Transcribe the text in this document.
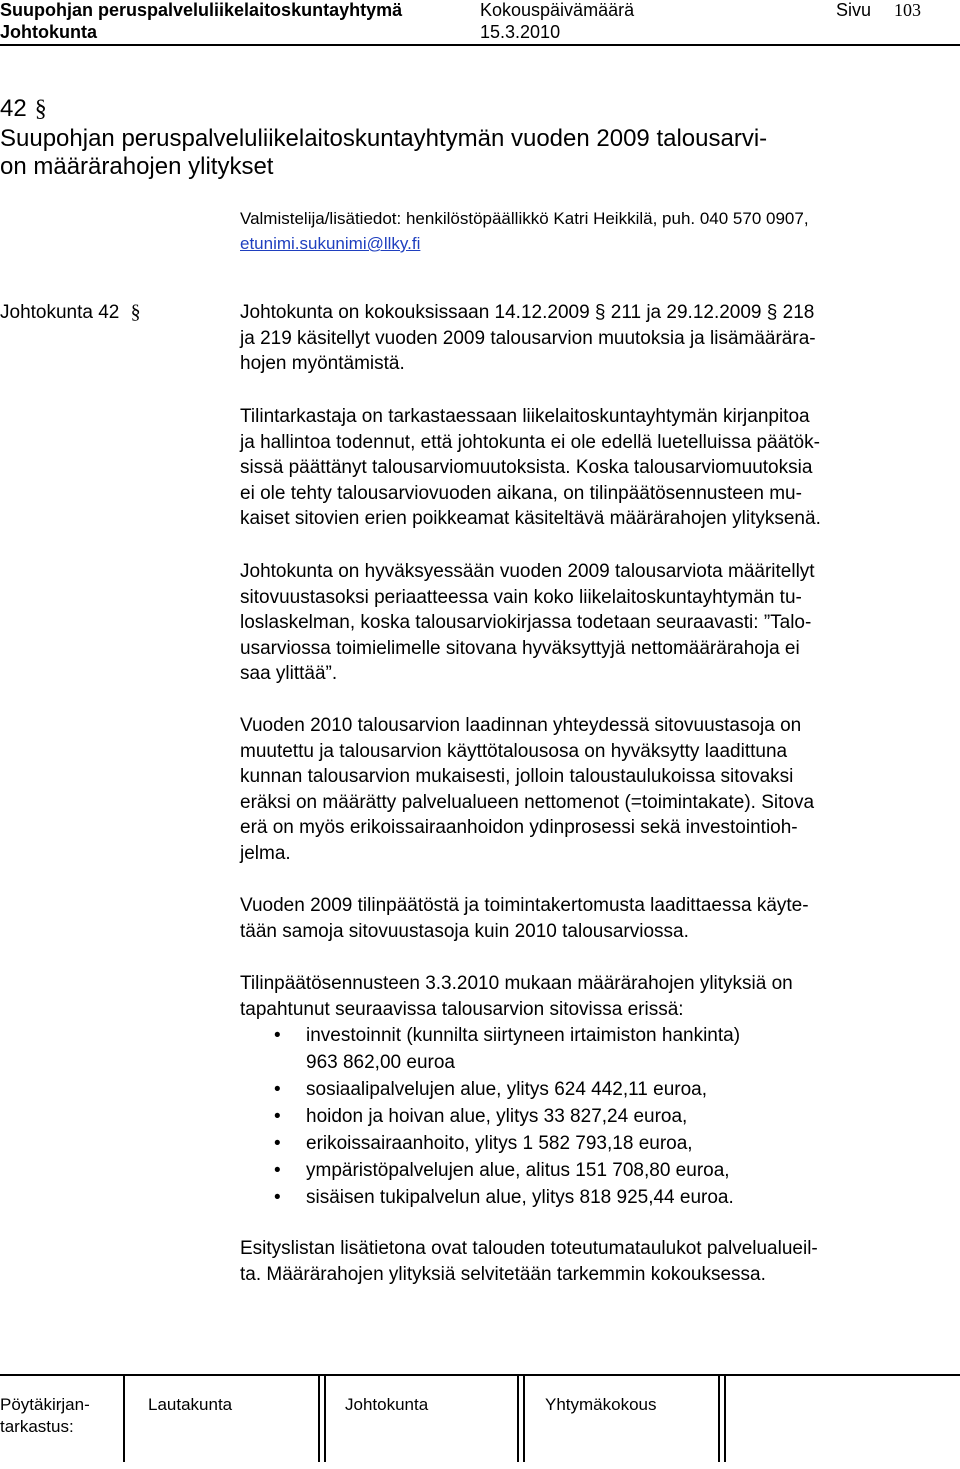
Suupohjan peruspalveluliikelaitoskuntayhtymä	Kokouspäivämäärä	Sivu 103
Johtokunta	15.3.2010
42 §
Suupohjan peruspalveluliikelaitoskuntayhtymän vuoden 2009 talousarvi-
on määrärahojen ylitykset
Valmistelija/lisätiedot: henkilöstöpäällikkö Katri Heikkilä, puh. 040 570 0907,
etunimi.sukunimi@llky.fi
Johtokunta 42 §	Johtokunta on kokouksissaan 14.12.2009 § 211 ja 29.12.2009 § 218

ja 219 käsitellyt vuoden 2009 talousarvion muutoksia ja lisämäärära-

hojen myöntämistä.

Tilintarkastaja on tarkastaessaan liikelaitoskuntayhtymän kirjanpitoa

ja hallintoa todennut, että johtokunta ei ole edellä luetelluissa päätök-

sissä päättänyt talousarviomuutoksista. Koska talousarviomuutoksia

ei ole tehty talousarviovuoden aikana, on tilinpäätösennusteen mu-

kaiset sitovien erien poikkeamat käsiteltävä määrärahojen ylityksenä.

Johtokunta on hyväksyessään vuoden 2009 talousarviota määritellyt

sitovuustasoksi periaatteessa vain koko liikelaitoskuntayhtymän tu-

loslaskelman, koska talousarviokirjassa todetaan seuraavasti: ”Talo-

usarviossa toimielimelle sitovana hyväksyttyjä nettomäärärahoja ei

saa ylittää”.

Vuoden 2010 talousarvion laadinnan yhteydessä sitovuustasoja on

muutettu ja talousarvion käyttötalousosa on hyväksytty laadittuna

kunnan talousarvion mukaisesti, jolloin taloustaulukoissa sitovaksi

eräksi on määrätty palvelualueen nettomenot (=toimintakate). Sitova

erä on myös erikoissairaanhoidon ydinprosessi sekä investointioh-

jelma.

Vuoden 2009 tilinpäätöstä ja toimintakertomusta laadittaessa käyte-

tään samoja sitovuustasoja kuin 2010 talousarviossa.

Tilinpäätösennusteen 3.3.2010 mukaan määrärahojen ylityksiä on

tapahtunut seuraavissa talousarvion sitovissa erissä:

• investoinnit (kunnilta siirtyneen irtaimiston hankinta)
963 862,00 euroa
• sosiaalipalvelujen alue, ylitys 624 442,11 euroa,
• hoidon ja hoivan alue, ylitys 33 827,24 euroa,
• erikoissairaanhoito, ylitys 1 582 793,18 euroa,
• ympäristöpalvelujen alue, alitus 151 708,80 euroa,
• sisäisen tukipalvelun alue, ylitys 818 925,44 euroa.

Esityslistan lisätietona ovat talouden toteutumataulukot palvelualueil-

ta. Määrärahojen ylityksiä selvitetään tarkemmin kokouksessa.

Pöytäkirjan-
tarkastus:
Lautakunta	Johtokunta	Yhtymäkokous
